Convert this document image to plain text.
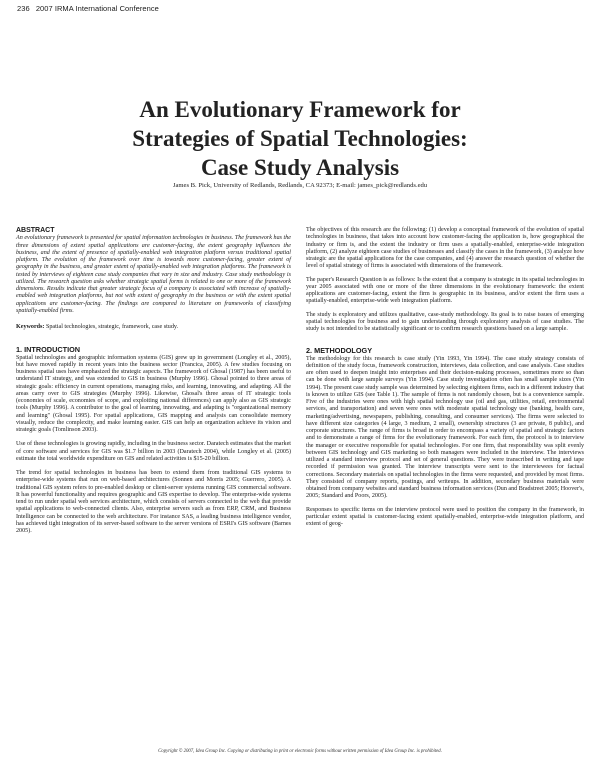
236 2007 IRMA International Conference
An Evolutionary Framework for
Strategies of Spatial Technologies:
Case Study Analysis
James B. Pick, University of Redlands, Redlands, CA 92373; E-mail: james_pick@redlands.edu
ABSTRACT

An evolutionary framework is presented for spatial information technologies in business. The framework has the three dimensions of extent spatial applications are customer-facing, the extent geography influences the business, and the extent of presence of spatially-enabled web integration platform versus traditional spatial platform. The evolution of the framework over time is towards more customer-facing, greater extent of geography in the business, and greater extent of spatially-enabled web integration platforms. The framework is tested by interviews of eighteen case study companies that vary in size and industry. Case study methodology is utilized. The research question asks whether strategic spatial forms is related to one or more of the framework dimensions. Results indicate that greater strategic focus of a company is associated with increase of spatially-enabled web integration platforms, but not with extent of geography in the business or with the extent spatial applications are customer-facing. The findings are compared to literature on frameworks of classifying spatially-enabled firms.

Keywords: Spatial technologies, strategic, framework, case study.

1. INTRODUCTION

Spatial technologies and geographic information systems (GIS) grew up in government (Longley et al., 2005), but have moved rapidly in recent years into the business sector (Francica, 2005). A few studies focusing on business spatial uses have emphasized the strategic aspects. The framework of Ghosal (1987) has been useful to understand IT strategy, and was extended to GIS in business (Murphy 1996). Ghosal pointed to three areas of strategic goals: efficiency in current operations, managing risks, and learning, innovating, and adapting. All the areas carry over to GIS strategies (Murphy 1996). Likewise, Ghosal's three areas of IT strategic tools (economies of scale, economies of scope, and exploiting national differences) can apply also as GIS strategic tools (Murphy 1996). A contributor to the goal of learning, innovating, and adapting is "organizational memory and learning" (Ghosal 1995). For spatial applications, GIS mapping and analysis can consolidate memory visually, reduce the complexity, and make learning easier. GIS can help an organization achieve its vision and strategic goals (Tomlinson 2003).

Use of these technologies is growing rapidly, including in the business sector. Daratech estimates that the market of core software and services for GIS was $1.7 billion in 2003 (Daratech 2004), while Longley et al. (2005) estimate the total worldwide expenditure on GIS and related activities is $15-20 billion.

The trend for spatial technologies in business has been to extend them from traditional GIS systems to enterprise-wide systems that run on web-based architectures (Sonnen and Morris 2005; Guerrero, 2005). A traditional GIS system refers to pre-enabled desktop or client-server systems running GIS commercial software. It has powerful functionality and requires geographic and GIS expertise to develop. The enterprise-wide systems tend to run under spatial web services architecture, which consists of servers connected to the web that provide spatial applications to web-connected clients. Also, enterprise servers such as from ERP, CRM, and Business Intelligence can be connected to the web architecture. For instance SAS, a leading business intelligence vendor, has achieved tight integration of its server-based software to the server versions of ESRI's GIS software (Barnes 2005).

The objectives of this research are the following: (1) develop a conceptual framework of the evolution of spatial technologies in business, that takes into account how customer-facing the application is, how geographical the industry or firm is, and the extent the industry or firm uses a spatially-enabled, enterprise-wide integration platform, (2) analyze eighteen case studies of businesses and classify the cases in the framework, (3) analyze how strategic are the spatial applications for the case companies, and (4) answer the research question of whether the level of spatial strategy of firms is associated with dimensions of the framework.

The paper's Research Question is as follows: Is the extent that a company is strategic in its spatial technologies in year 2005 associated with one or more of the three dimensions in the evolutionary framework: the extent applications are customer-facing, extent the firm is geographic in its business, and/or extent the firm uses a spatially-enabled, enterprise-wide web integration platform.

The study is exploratory and utilizes qualitative, case-study methodology. Its goal is to raise issues of emerging spatial technologies for business and to gain understanding through exploratory analysis of case studies. The study is not intended to be statistically significant or to confirm research questions based on a large sample.

2. METHODOLOGY

The methodology for this research is case study (Yin 1993, Yin 1994). The case study strategy consists of definition of the study focus, framework construction, interviews, data collection, and case analysis. Case studies are often used to deepen insight into enterprises and their decision-making processes, sometimes more so than can be done with large sample surveys (Yin 1994). Case study investigation often has small sample sizes (Yin 1994). The present case study sample was determined by selecting eighteen firms, each in a different industry that is known to utilize GIS (see Table 1). The sample of firms is not randomly chosen, but is a convenience sample. Five of the industries were ones with high spatial technology use (oil and gas, utilities, retail, environmental services, and transportation) and seven were ones with moderate spatial technology use (banking, health care, marketing/advertising, newspapers, publishing, consulting, and consumer services). The firms were selected to have different size categories (4 large, 3 medium, 2 small), ownership structures (3 are private, 8 public), and corporate structures. The range of firms is broad in order to encompass a variety of spatial and strategic factors and to demonstrate a range of firms for the evolutionary framework. For each firm, the protocol is to interview the manager or executive responsible for spatial technologies. For one firm, that responsibility was split evenly between GIS technology and GIS marketing so both managers were included in the interview. The interviews utilized a standard interview protocol and set of general questions. They were transcribed in writing and tape recorded if permission was granted. The interview transcripts were sent to the interviewees for factual corrections. Secondary materials on spatial technologies in the firms were requested, and provided by most firms. They consisted of company reports, postings, and writeups. In addition, secondary business materials were obtained from company websites and standard business information services (Dun and Bradstreet 2005; Hoover's, 2005; Standard and Poors, 2005).

Responses to specific items on the interview protocol were used to position the company in the framework, in particular extent spatial is customer-facing extent spatially-enabled, enterprise-wide integration platform, and extent of geog-

Copyright © 2007, Idea Group Inc. Copying or distributing in print or electronic forms without written permission of Idea Group Inc. is prohibited.
